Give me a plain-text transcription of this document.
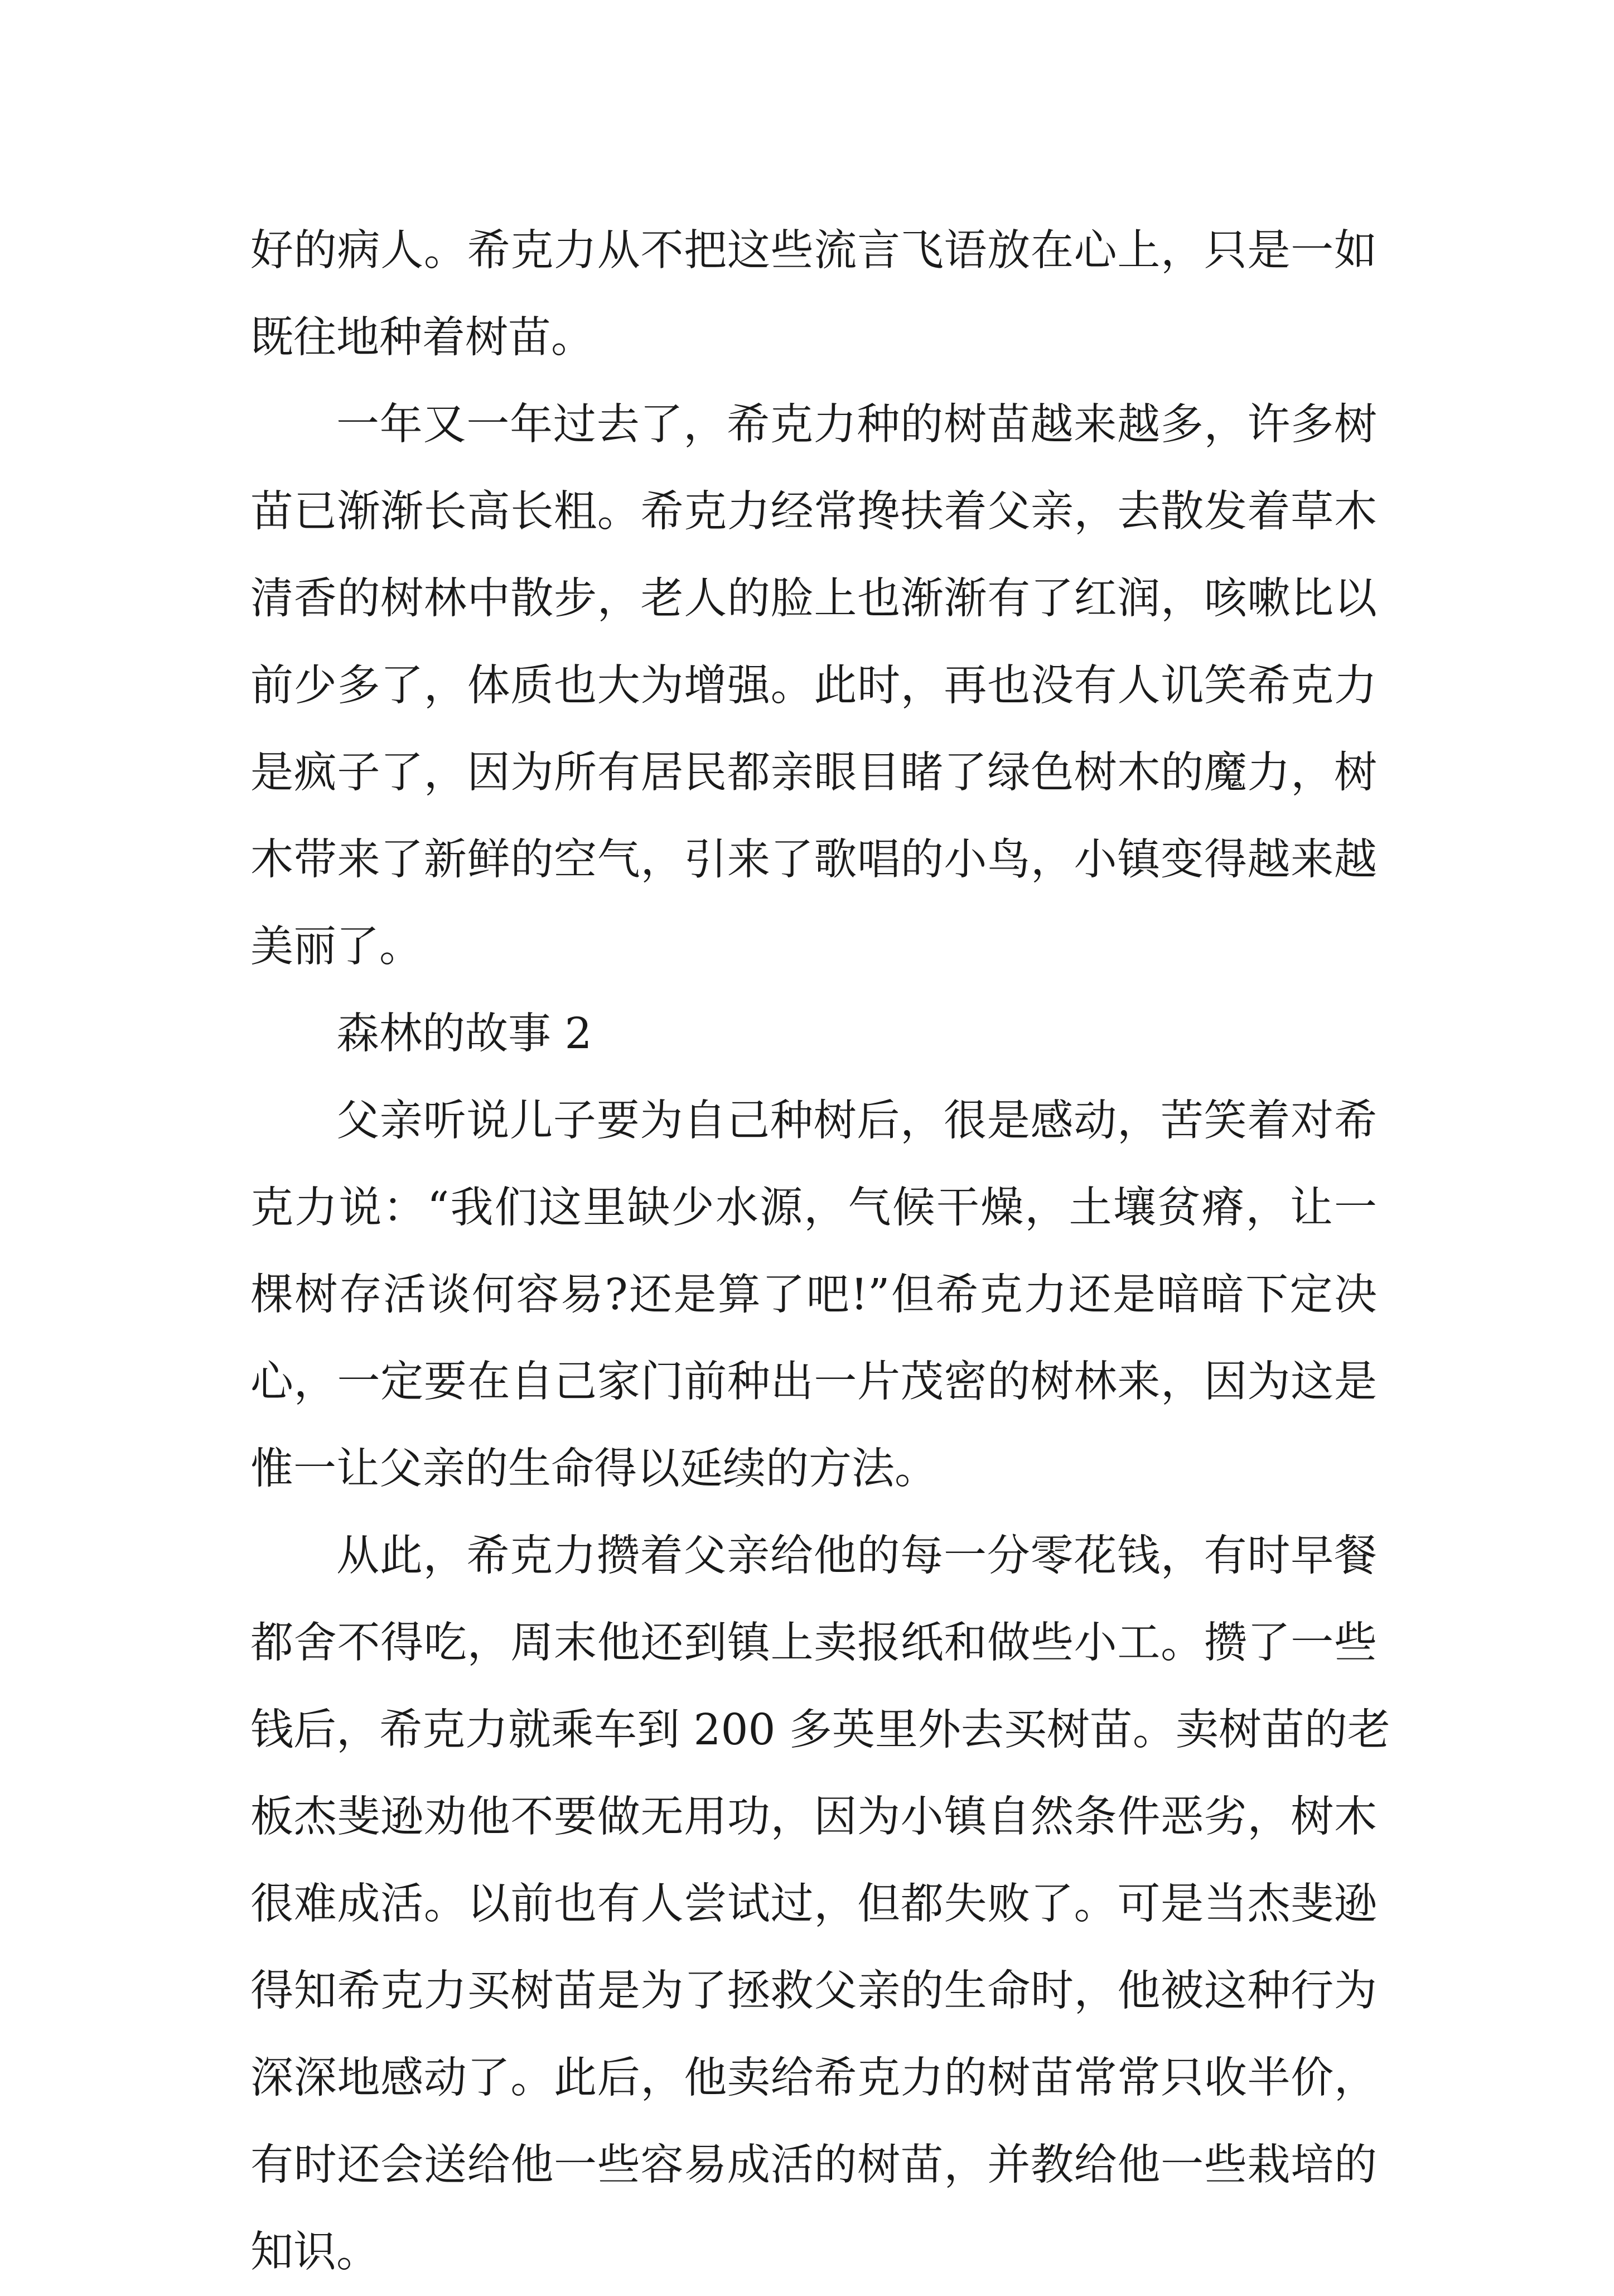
好的病人。希克力从不把这些流言飞语放在心上，只是一如
既往地种着树苗。
一年又一年过去了，希克力种的树苗越来越多，许多树
苗已渐渐长高长粗。希克力经常搀扶着父亲，去散发着草木
清香的树林中散步，老人的脸上也渐渐有了红润，咳嗽比以
前少多了，体质也大为增强。此时，再也没有人讥笑希克力
是疯子了，因为所有居民都亲眼目睹了绿色树木的魔力，树
木带来了新鲜的空气，引来了歌唱的小鸟，小镇变得越来越
美丽了。
森林的故事 2
父亲听说儿子要为自己种树后，很是感动，苦笑着对希
克力说：“我们这里缺少水源，气候干燥，土壤贫瘠，让一
棵树存活谈何容易?还是算了吧!”但希克力还是暗暗下定决
心，一定要在自己家门前种出一片茂密的树林来，因为这是
惟一让父亲的生命得以延续的方法。
从此，希克力攒着父亲给他的每一分零花钱，有时早餐
都舍不得吃，周末他还到镇上卖报纸和做些小工。攒了一些
钱后，希克力就乘车到 200 多英里外去买树苗。卖树苗的老
板杰斐逊劝他不要做无用功，因为小镇自然条件恶劣，树木
很难成活。以前也有人尝试过，但都失败了。可是当杰斐逊
得知希克力买树苗是为了拯救父亲的生命时，他被这种行为
深深地感动了。此后，他卖给希克力的树苗常常只收半价，
有时还会送给他一些容易成活的树苗，并教给他一些栽培的
知识。
